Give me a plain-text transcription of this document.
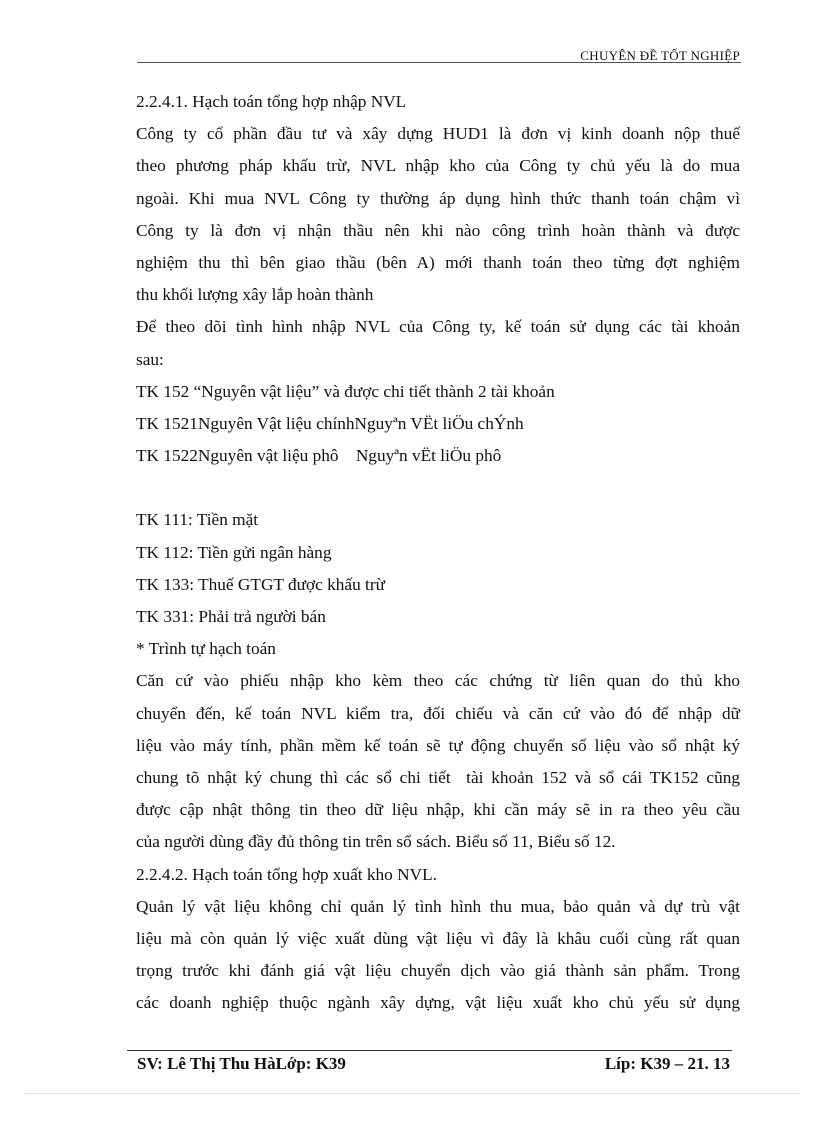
CHUYÊN ĐỀ TỐT NGHIỆP
2.2.4.1. Hạch toán tổng hợp nhập NVL
Công ty cổ phần đầu tư và xây dựng HUD1 là đơn vị kinh doanh nộp thuế
theo phương pháp khấu trừ, NVL nhập kho của Công ty chủ yếu là do mua
ngoài. Khi mua NVL Công ty thường áp dụng hình thức thanh toán chậm vì
Công ty là đơn vị nhận thầu nên khi nào công trình hoàn thành và được
nghiệm thu thì bên giao thầu (bên A) mới thanh toán theo từng đợt nghiệm
thu khối lượng xây lắp hoàn thành
Để theo dõi tình hình nhập NVL của Công ty, kế toán sử dụng các tài khoản
sau:
TK 152 “Nguyên vật liệu” và được chi tiết thành 2 tài khoản
TK 1521Nguyên Vật liệu chínhNguyªn VËt liÖu chÝnh
TK 1522Nguyên vật liệu phô    Nguyªn vËt liÖu phô
TK 111: Tiền mặt
TK 112: Tiền gửi ngân hàng
TK 133: Thuế GTGT được khấu trừ
TK 331: Phải trả người bán
* Trình tự hạch toán
Căn cứ vào phiếu nhập kho kèm theo các chứng từ liên quan do thủ kho
chuyển đến, kế toán NVL kiểm tra, đối chiếu và căn cứ vào đó để nhập dữ
liệu vào máy tính, phần mềm kế toán sẽ tự động chuyển số liệu vào sổ nhật ký
chung tõ nhật ký chung thì các sổ chi tiết  tài khoản 152 và sổ cái TK152 cũng
được cập nhật thông tin theo dữ liệu nhập, khi cần máy sẽ in ra theo yêu cầu
của người dùng đầy đủ thông tin trên sổ sách. Biểu số 11, Biểu số 12.
2.2.4.2. Hạch toán tổng hợp xuất kho NVL.
Quản lý vật liệu không chỉ quản lý tình hình thu mua, bảo quản và dự trù vật
liệu mà còn quản lý việc xuất dùng vật liệu vì đây là khâu cuối cùng rất quan
trọng trước khi đánh giá vật liệu chuyển dịch vào giá thành sản phẩm. Trong
các doanh nghiệp thuộc ngành xây dựng, vật liệu xuất kho chủ yếu sử dụng
SV: Lê Thị Thu HàLớp: K39	Líp: K39 – 21. 13
